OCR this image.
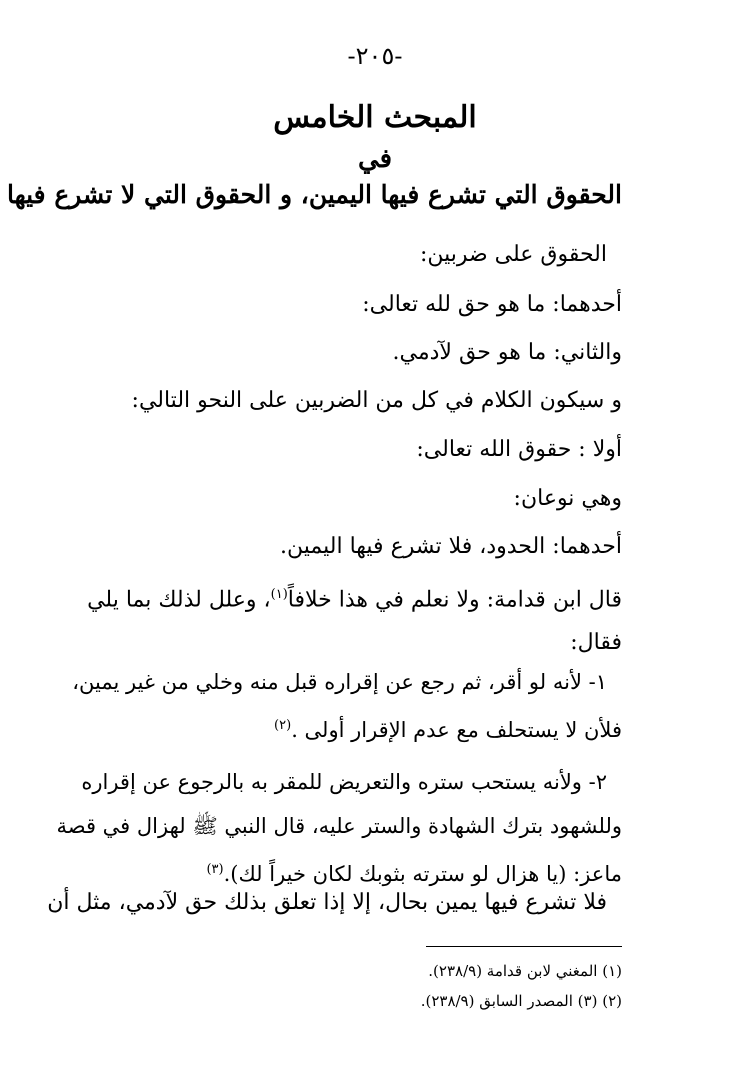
-٢٠٥-
المبحث الخامس
في
الحقوق التي تشرع فيها اليمين، و الحقوق التي لا تشرع فيها
الحقوق على ضربين:
أحدهما: ما هو حق لله تعالى:
والثاني: ما هو حق لآدمي.
و سيكون الكلام في كل من الضربين على النحو التالي:
أولا : حقوق الله تعالى:
وهي نوعان:
أحدهما: الحدود، فلا تشرع فيها اليمين.
قال ابن قدامة: ولا نعلم في هذا خلافاً$^{(١)}$، وعلل لذلك بما يلي
فقال:
١- لأنه لو أقر، ثم رجع عن إقراره قبل منه وخلي من غير يمين،
فلأن لا يستحلف مع عدم الإقرار أولى .$^{(٢)}$
٢- ولأنه يستحب ستره والتعريض للمقر به بالرجوع عن إقراره
وللشهود بترك الشهادة والستر عليه، قال النبي ﷺ لهزال في قصة
ماعز: (يا هزال لو سترته بثوبك لكان خيراً لك).$^{(٣)}$
فلا تشرع فيها يمين بحال، إلا إذا تعلق بذلك حق لآدمي، مثل أن
(١) المغني لابن قدامة (٢٣٨/٩).
(٢) (٣) المصدر السابق (٢٣٨/٩).
